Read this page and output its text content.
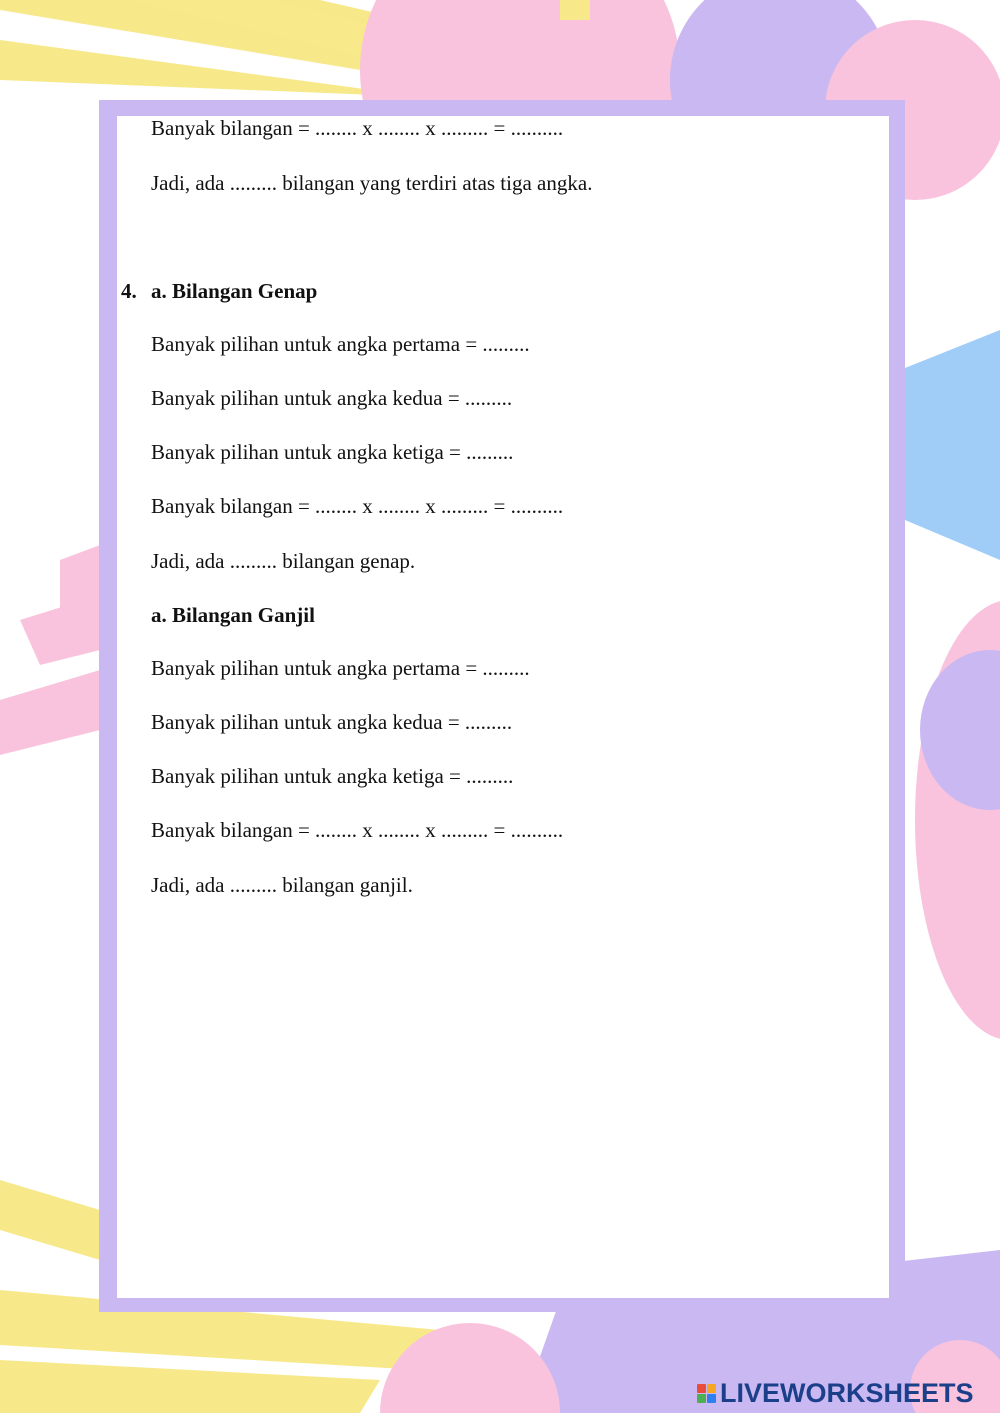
Banyak bilangan = ........ x ........ x ......... = ..........
Jadi, ada ......... bilangan yang terdiri atas tiga angka.
4. a. Bilangan Genap
Banyak pilihan untuk angka pertama = .........
Banyak pilihan untuk angka kedua = .........
Banyak pilihan untuk angka ketiga = .........
Banyak bilangan = ........ x ........ x ......... = ..........
Jadi, ada ......... bilangan genap.
a. Bilangan Ganjil
Banyak pilihan untuk angka pertama = .........
Banyak pilihan untuk angka kedua = .........
Banyak pilihan untuk angka ketiga = .........
Banyak bilangan = ........ x ........ x ......... = ..........
Jadi, ada ......... bilangan ganjil.
LIVEWORKSHEETS
